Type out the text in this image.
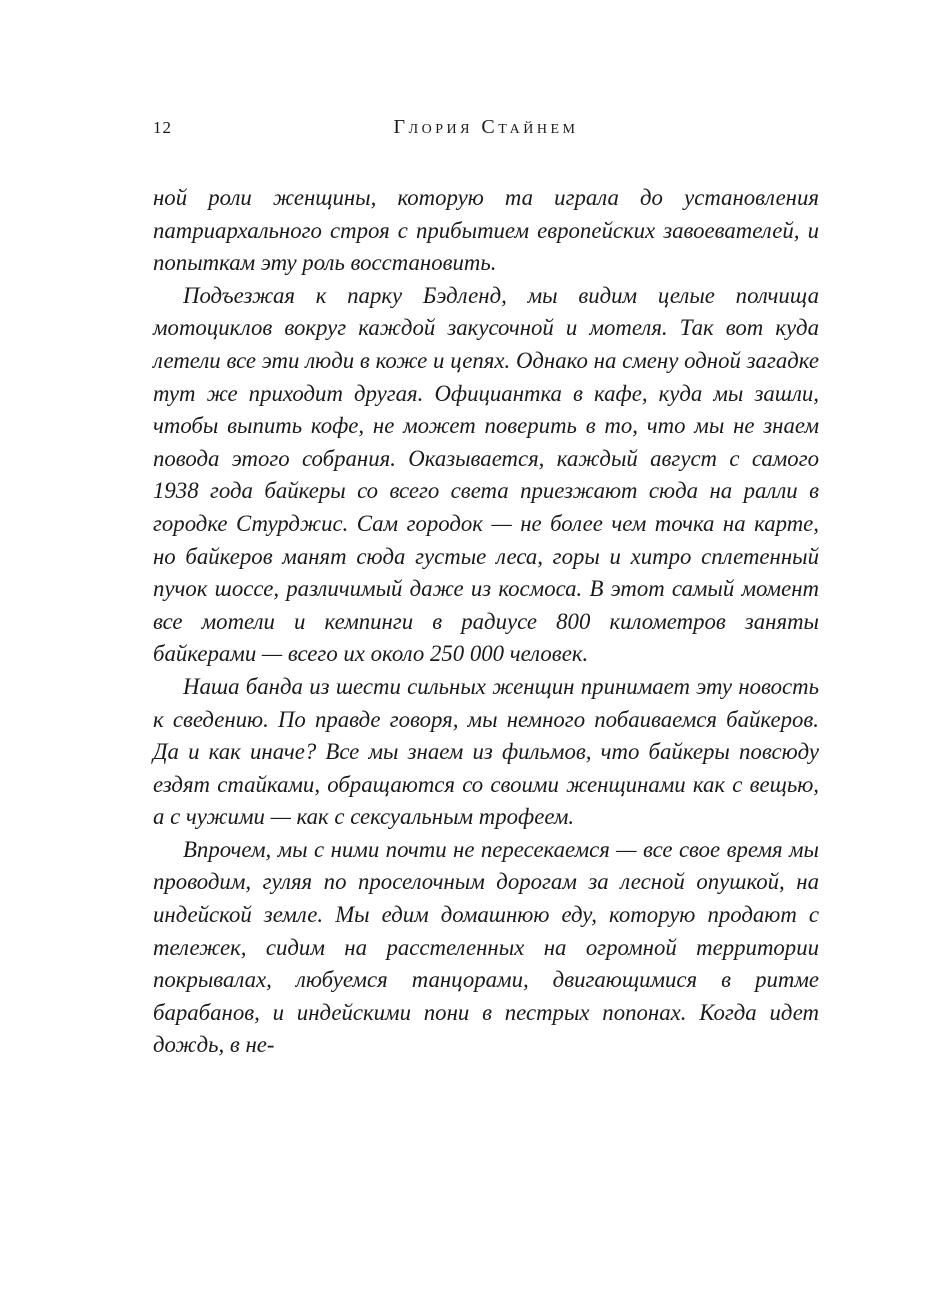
12	Глория Стайнем

ной роли женщины, которую та играла до установления патриархального строя с прибытием европейских завоевателей, и попыткам эту роль восстановить.

Подъезжая к парку Бэдленд, мы видим целые полчища мотоциклов вокруг каждой закусочной и мотеля. Так вот куда летели все эти люди в коже и цепях. Однако на смену одной загадке тут же приходит другая. Официантка в кафе, куда мы зашли, чтобы выпить кофе, не может поверить в то, что мы не знаем повода этого собрания. Оказывается, каждый август с самого 1938 года байкеры со всего света приезжают сюда на ралли в городке Стурджис. Сам городок — не более чем точка на карте, но байкеров манят сюда густые леса, горы и хитро сплетенный пучок шоссе, различимый даже из космоса. В этот самый момент все мотели и кемпинги в радиусе 800 километров заняты байкерами — всего их около 250 000 человек.

Наша банда из шести сильных женщин принимает эту новость к сведению. По правде говоря, мы немного побаиваемся байкеров. Да и как иначе? Все мы знаем из фильмов, что байкеры повсюду ездят стайками, обращаются со своими женщинами как с вещью, а с чужими — как с сексуальным трофеем.

Впрочем, мы с ними почти не пересекаемся — все свое время мы проводим, гуляя по проселочным дорогам за лесной опушкой, на индейской земле. Мы едим домашнюю еду, которую продают с тележек, сидим на расстеленных на огромной территории покрывалах, любуемся танцорами, двигающимися в ритме барабанов, и индейскими пони в пестрых попонах. Когда идет дождь, в не-
